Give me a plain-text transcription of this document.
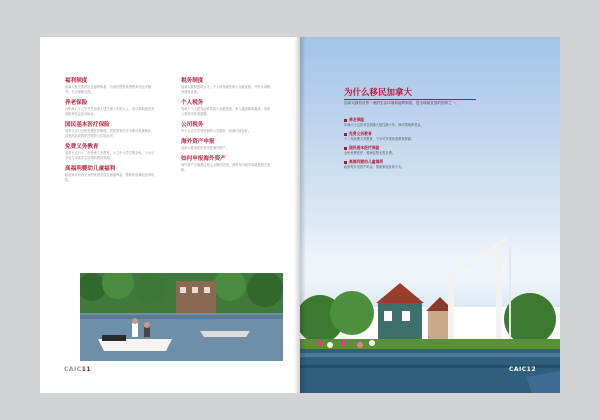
福利制度
加拿大有完善的社会福利体系，为国民提供免费教育与医疗服务，生活保障全面。
养老保险
凡年满六十五岁并在加拿大居住满十年的人士，均可领取政府发放的养老金及补助金。
国民基本医疗保险
加拿大实行全民免费医疗制度，居民持有医疗卡即可免费就诊，享受高品质的医疗服务与住院治疗。
免费义务教育
加拿大实行十二年免费义务教育，公立中小学学费全免，子女可享受与本地学生同等的教育资源。
高福利婴幼儿童福利
政府每月向有子女的家庭发放儿童福利金，帮助家庭减轻抚养负担。
税务制度
加拿大税制透明公平，个人所得税按收入分级征收，并有多项税务减免优惠。
个人税务
加拿大个人税务由联邦税与省税组成，收入越高税率越高，低收入家庭可获得退税。
公司税务
中小企业可享受较低的公司税率，营商环境良好。
海外资产申报
加拿大税务居民须申报海外资产。
如何申报海外资产
海外资产总值超过规定金额的居民，须每年向税务局填报相关表格。
CAIC11
为什么移民加拿大
加拿大拥有世界一流的生活环境和福利制度，是全球最宜居的国家之一。
养老保险
年满六十五岁并在加拿大居住满十年，即可领取养老金。
免费义务教育
十二年免费义务教育，子女可享受优质教育资源。
国民基本医疗保险
全民免费医疗，看病住院无需自费。
高福利婴幼儿童福利
政府每月发放牛奶金，帮助家庭抚养子女。
CAIC12
